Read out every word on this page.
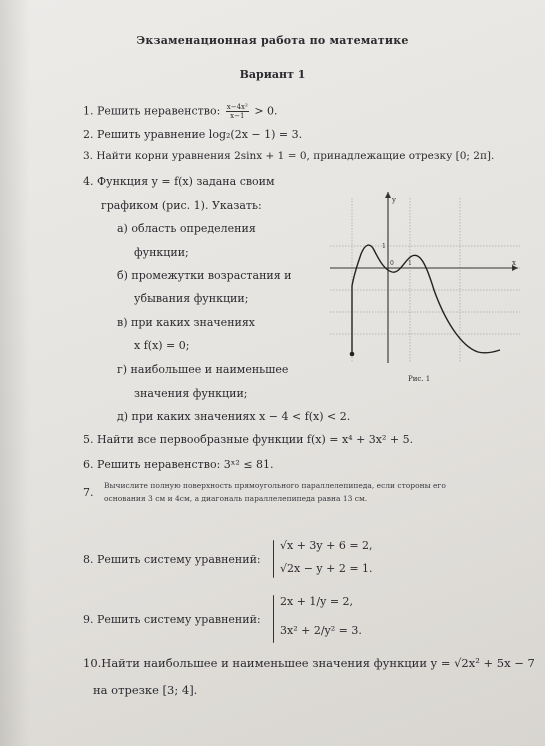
Экзаменационная работа по математике
Вариант 1
1. Решить неравенство: $\frac{\text{x−4x²}}{x-1} > 0$.
2. Решить уравнение log₂(2x − 1) = 3.
3. Найти корни уравнения 2sinx + 1 = 0, принадлежащие отрезку [0; 2π].
4. Функция y = f(x) задана своим
графиком (рис. 1). Указать:
а) область определения
функции;
б) промежутки возрастания и
убывания функции;
в) при каких значениях
x f(x) = 0;
г) наибольшее и наименьшее
значения функции;
д) при каких значениях x − 4 < f(x) < 2.
y
x
0 1
1
Рис. 1
5. Найти все первообразные функции f(x) = x⁴ + 3x² + 5.
6. Решить неравенство: 3ˣ² ≤ 81.
7.
Вычислите полную поверхность прямоугольного параллелепипеда, если стороны его
основания 3 см и 4см, а диагональ параллелепипеда равна 13 см.
8. Решить систему уравнений:
√x + 3y + 6 = 2,
√2x − y + 2 = 1.
9. Решить систему уравнений:
2x + 1/y = 2,
3x² + 2/y² = 3.
10.Найти наибольшее и наименьшее значения функции y = √2x² + 5x − 7
на отрезке [3; 4].
